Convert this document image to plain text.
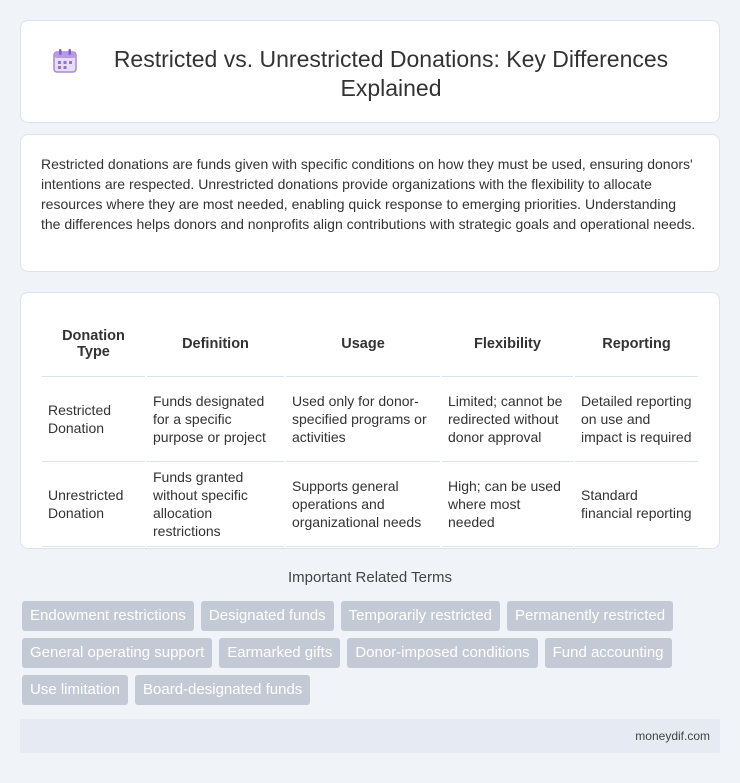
Restricted vs. Unrestricted Donations: Key Differences Explained

Restricted donations are funds given with specific conditions on how they must be used, ensuring donors' intentions are respected. Unrestricted donations provide organizations with the flexibility to allocate resources where they are most needed, enabling quick response to emerging priorities. Understanding the differences helps donors and nonprofits align contributions with strategic goals and operational needs.

Donation Type	Definition	Usage	Flexibility	Reporting
Restricted Donation	Funds designated for a specific purpose or project	Used only for donor-specified programs or activities	Limited; cannot be redirected without donor approval	Detailed reporting on use and impact is required
Unrestricted Donation	Funds granted without specific allocation restrictions	Supports general operations and organizational needs	High; can be used where most needed	Standard financial reporting
Important Related Terms
Endowment restrictions	Designated funds	Temporarily restricted	Permanently restricted
General operating support	Earmarked gifts	Donor-imposed conditions	Fund accounting
Use limitation	Board-designated funds
moneydif.com
